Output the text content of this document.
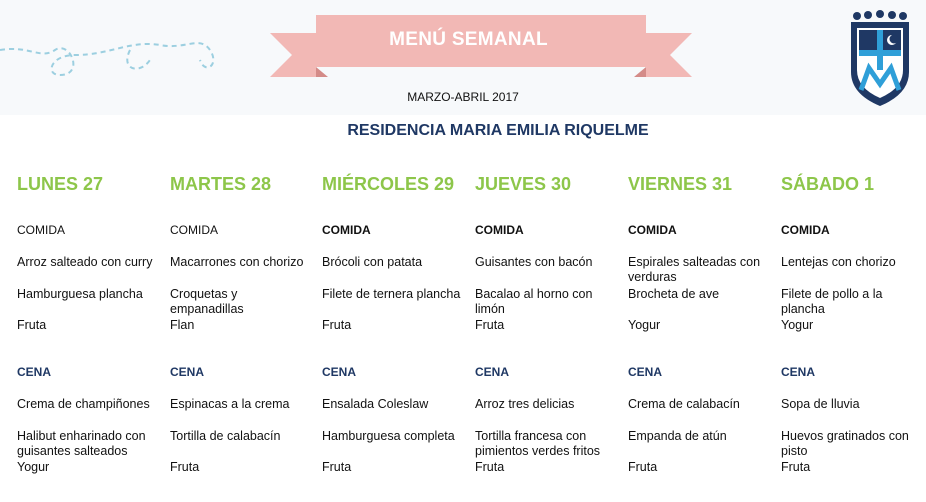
MENÚ SEMANAL
MARZO-ABRIL 2017
RESIDENCIA MARIA EMILIA RIQUELME
LUNES 27
COMIDA
Arroz salteado con curry
Hamburguesa plancha
Fruta
CENA
Crema de champiñones
Halibut enharinado con guisantes salteados
Yogur
MARTES 28
COMIDA
Macarrones con chorizo
Croquetas y empanadillas
Flan
CENA
Espinacas a la crema
Tortilla de calabacín
Fruta
MIÉRCOLES 29
COMIDA
Brócoli con patata
Filete de ternera plancha
Fruta
CENA
Ensalada Coleslaw
Hamburguesa completa
Fruta
JUEVES 30
COMIDA
Guisantes con bacón
Bacalao al horno con limón
Fruta
CENA
Arroz tres delicias
Tortilla francesa con pimientos verdes fritos
Fruta
VIERNES 31
COMIDA
Espirales salteadas con verduras
Brocheta de ave
Yogur
CENA
Crema de calabacín
Empanda de atún
Fruta
SÁBADO 1
COMIDA
Lentejas con chorizo
Filete de pollo a la plancha
Yogur
CENA
Sopa de lluvia
Huevos gratinados con pisto
Fruta
